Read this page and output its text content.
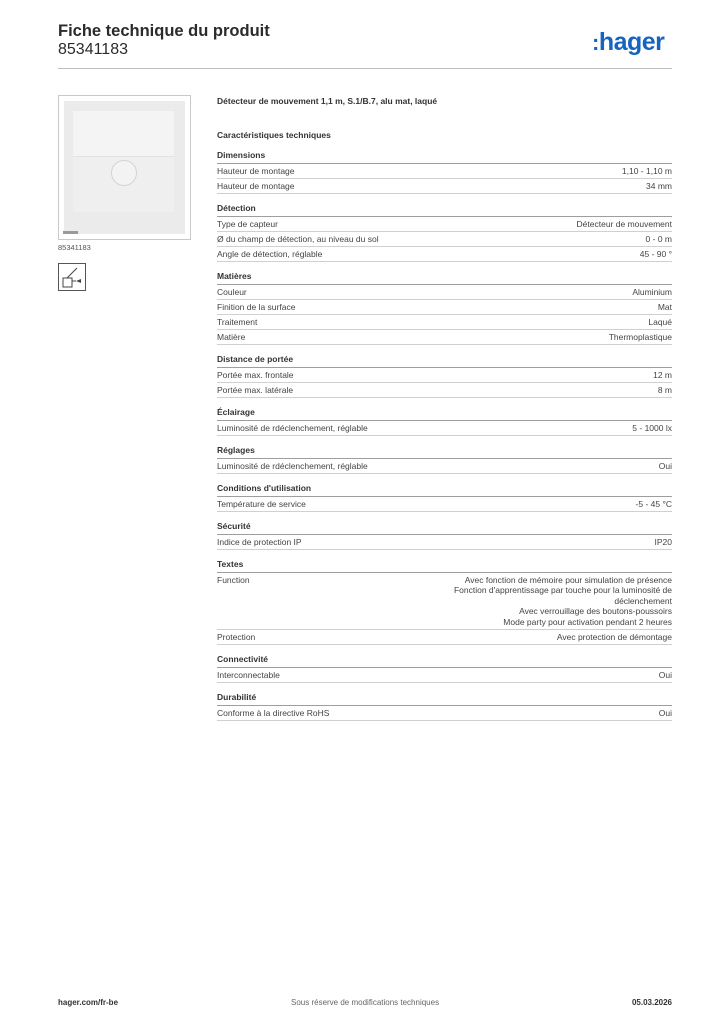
Fiche technique du produit
85341183	:hager
85341183
Détecteur de mouvement 1,1 m, S.1/B.7, alu mat, laqué
Caractéristiques techniques
Dimensions
Hauteur de montage	1,10 - 1,10 m
Hauteur de montage	34 mm
Détection
Type de capteur	Détecteur de mouvement
Ø du champ de détection, au niveau du sol	0 - 0 m
Angle de détection, réglable	45 - 90 °
Matières
Couleur	Aluminium
Finition de la surface	Mat
Traitement	Laqué
Matière	Thermoplastique
Distance de portée
Portée max. frontale	12 m
Portée max. latérale	8 m
Éclairage
Luminosité de rdéclenchement, réglable	5 - 1000 lx
Réglages
Luminosité de rdéclenchement, réglable	Oui
Conditions d'utilisation
Température de service	-5 - 45 °C
Sécurité
Indice de protection IP	IP20
Textes
Function	Avec fonction de mémoire pour simulation de présence
Fonction d'apprentissage par touche pour la luminosité de
déclenchement
Avec verrouillage des boutons-poussoirs
Mode party pour activation pendant 2 heures
Protection	Avec protection de démontage
Connectivité
Interconnectable	Oui
Durabilité
Conforme à la directive RoHS	Oui
hager.com/fr-be	Sous réserve de modifications techniques	05.03.2026
